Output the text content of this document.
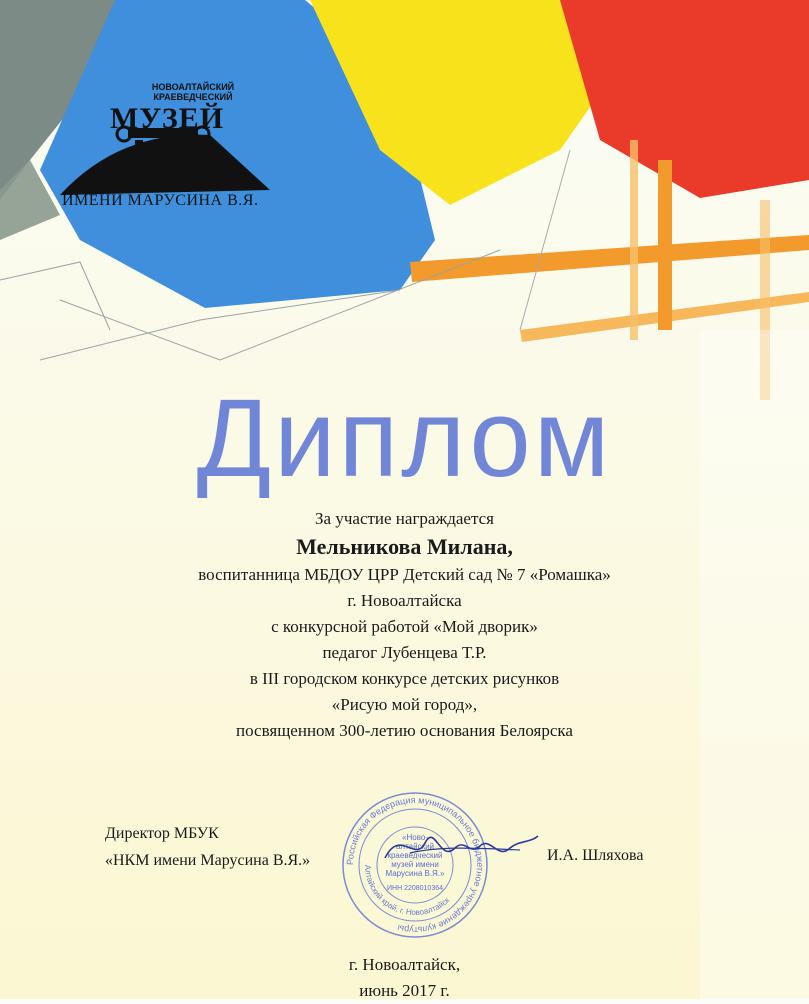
НОВОАЛТАЙСКИЙ
КРАЕВЕДЧЕСКИЙ
МУЗЕЙ
ИМЕНИ МАРУСИНА В.Я.
Диплом
За участие награждается
Мельникова Милана,
воспитанница МБДОУ ЦРР Детский сад № 7 «Ромашка»
г. Новоалтайска
с конкурсной работой «Мой дворик»
педагог Лубенцева Т.Р.
в III городском конкурсе детских рисунков
«Рисую мой город»,
посвященном 300-летию основания Белоярска
Директор МБУК
«НКМ имени Марусина В.Я.»	И.А. Шляхова
Российская Федерация муниципальное бюджетное учреждение культуры
Алтайский край, г. Новоалтайск
«Ново-
алтайский
краеведческий
музей имени
Марусина В.Я.»
ИНН 2208010364
г. Новоалтайск,
июнь 2017 г.
